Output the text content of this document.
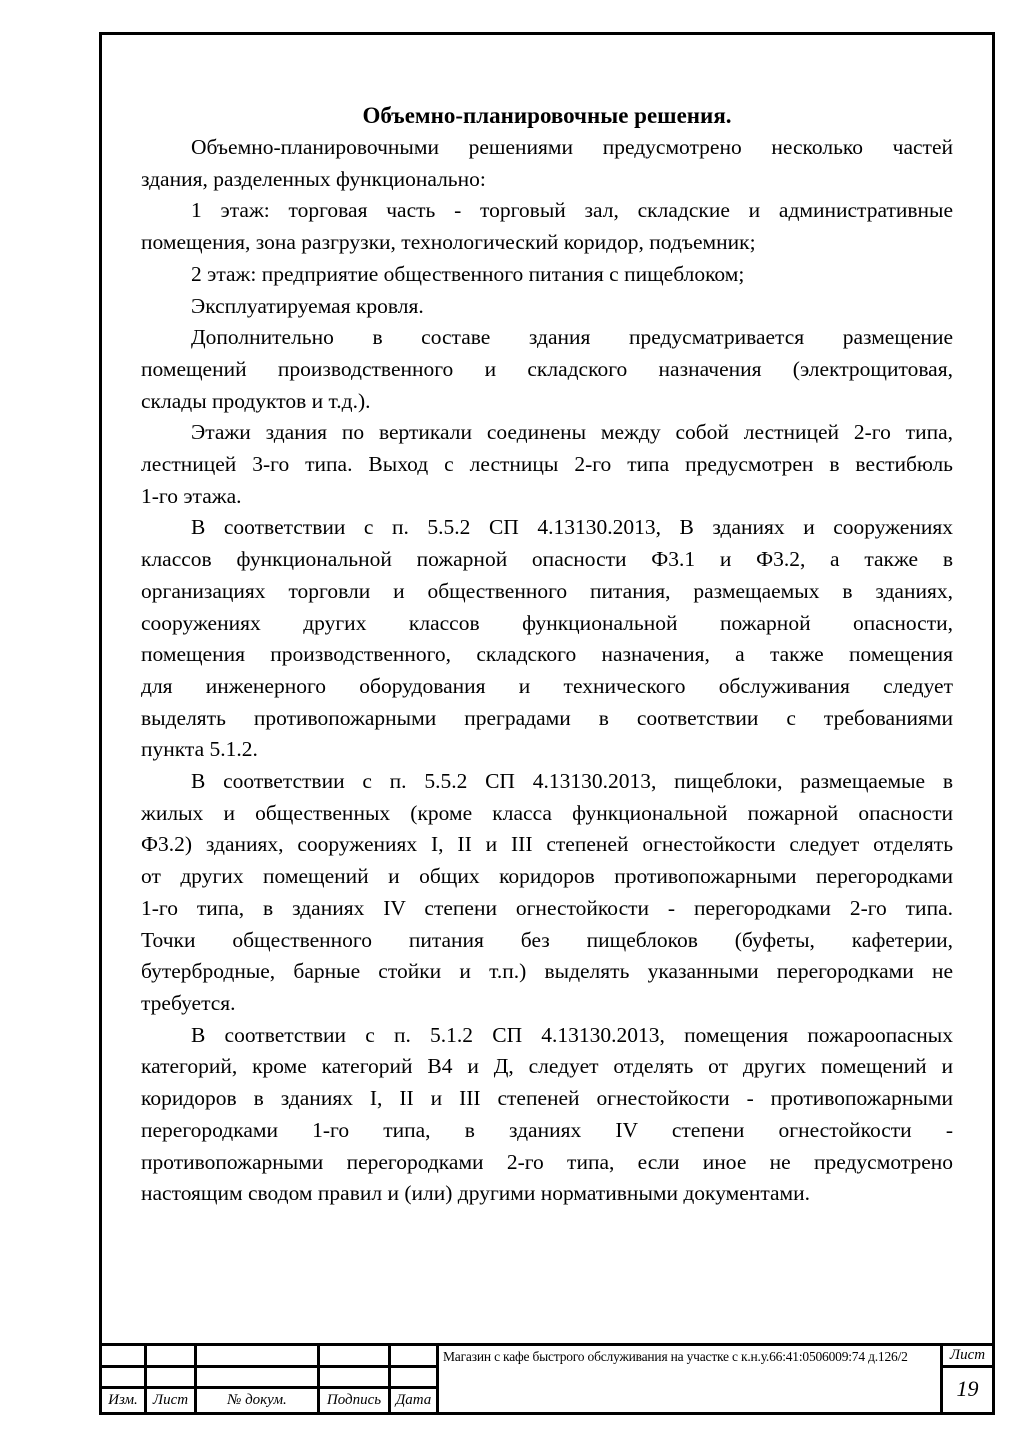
Объемно-планировочные решения.
Объемно-планировочными решениями предусмотрено несколько частей
здания, разделенных функционально:
1 этаж: торговая часть - торговый зал, складские и административные
помещения, зона разгрузки, технологический коридор, подъемник;
2 этаж: предприятие общественного питания с пищеблоком;
Эксплуатируемая кровля.
Дополнительно в составе здания предусматривается размещение
помещений производственного и складского назначения (электрощитовая,
склады продуктов и т.д.).
Этажи здания по вертикали соединены между собой лестницей 2-го типа,
лестницей 3-го типа. Выход с лестницы 2-го типа предусмотрен в вестибюль
1-го этажа.
В соответствии с п. 5.5.2 СП 4.13130.2013, В зданиях и сооружениях
классов функциональной пожарной опасности Ф3.1 и Ф3.2, а также в
организациях торговли и общественного питания, размещаемых в зданиях,
сооружениях других классов функциональной пожарной опасности,
помещения производственного, складского назначения, а также помещения
для инженерного оборудования и технического обслуживания следует
выделять противопожарными преградами в соответствии с требованиями
пункта 5.1.2.
В соответствии с п. 5.5.2 СП 4.13130.2013, пищеблоки, размещаемые в
жилых и общественных (кроме класса функциональной пожарной опасности
Ф3.2) зданиях, сооружениях I, II и III степеней огнестойкости следует отделять
от других помещений и общих коридоров противопожарными перегородками
1-го типа, в зданиях IV степени огнестойкости - перегородками 2-го типа.
Точки общественного питания без пищеблоков (буфеты, кафетерии,
бутербродные, барные стойки и т.п.) выделять указанными перегородками не
требуется.
В соответствии с п. 5.1.2 СП 4.13130.2013, помещения пожароопасных
категорий, кроме категорий В4 и Д, следует отделять от других помещений и
коридоров в зданиях I, II и III степеней огнестойкости - противопожарными
перегородками 1-го типа, в зданиях IV степени огнестойкости -
противопожарными перегородками 2-го типа, если иное не предусмотрено
настоящим сводом правил и (или) другими нормативными документами.
Изм.	Лист	№ докум.	Подпись Дата
Магазин с кафе быстрого обслуживания на участке с к.н.у.66:41:0506009:74 д.126/2	Лист
19
